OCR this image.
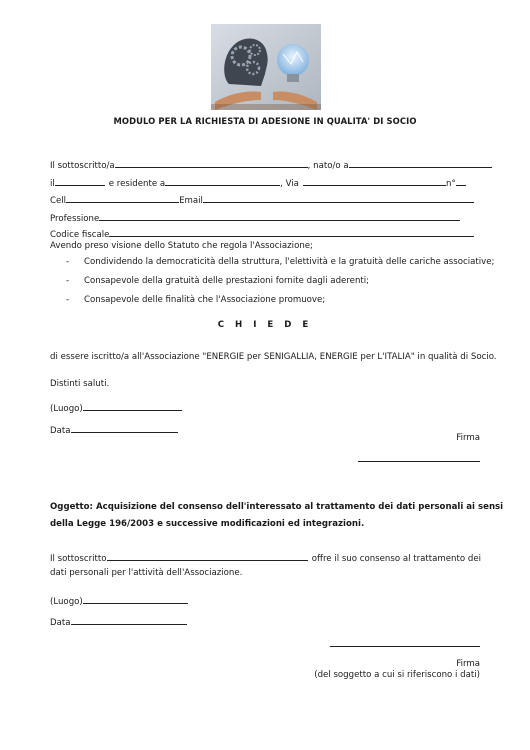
MODULO PER LA RICHIESTA DI ADESIONE IN QUALITA' DI SOCIO
Il sottoscritto/a	, nato/o a
il	e residente a	, Via	n°
Cell	Email
Professione
Codice fiscale
Avendo preso visione dello Statuto che regola l'Associazione;
- Condividendo la democraticità della struttura, l'elettività e la gratuità delle cariche associative;
- Consapevole della gratuità delle prestazioni fornite dagli aderenti;
- Consapevole delle finalità che l'Associazione promuove;
C H I E D E
di essere iscritto/a all'Associazione "ENERGIE per SENIGALLIA, ENERGIE per L'ITALIA" in qualità di Socio.
Distinti saluti.
(Luogo)
Data
Firma
Oggetto: Acquisizione del consenso dell'interessato al trattamento dei dati personali ai sensi
della Legge 196/2003 e successive modificazioni ed integrazioni.
Il sottoscritto	offre il suo consenso al trattamento dei
dati personali per l'attività dell'Associazione.
(Luogo)
Data
Firma
(del soggetto a cui si riferiscono i dati)
